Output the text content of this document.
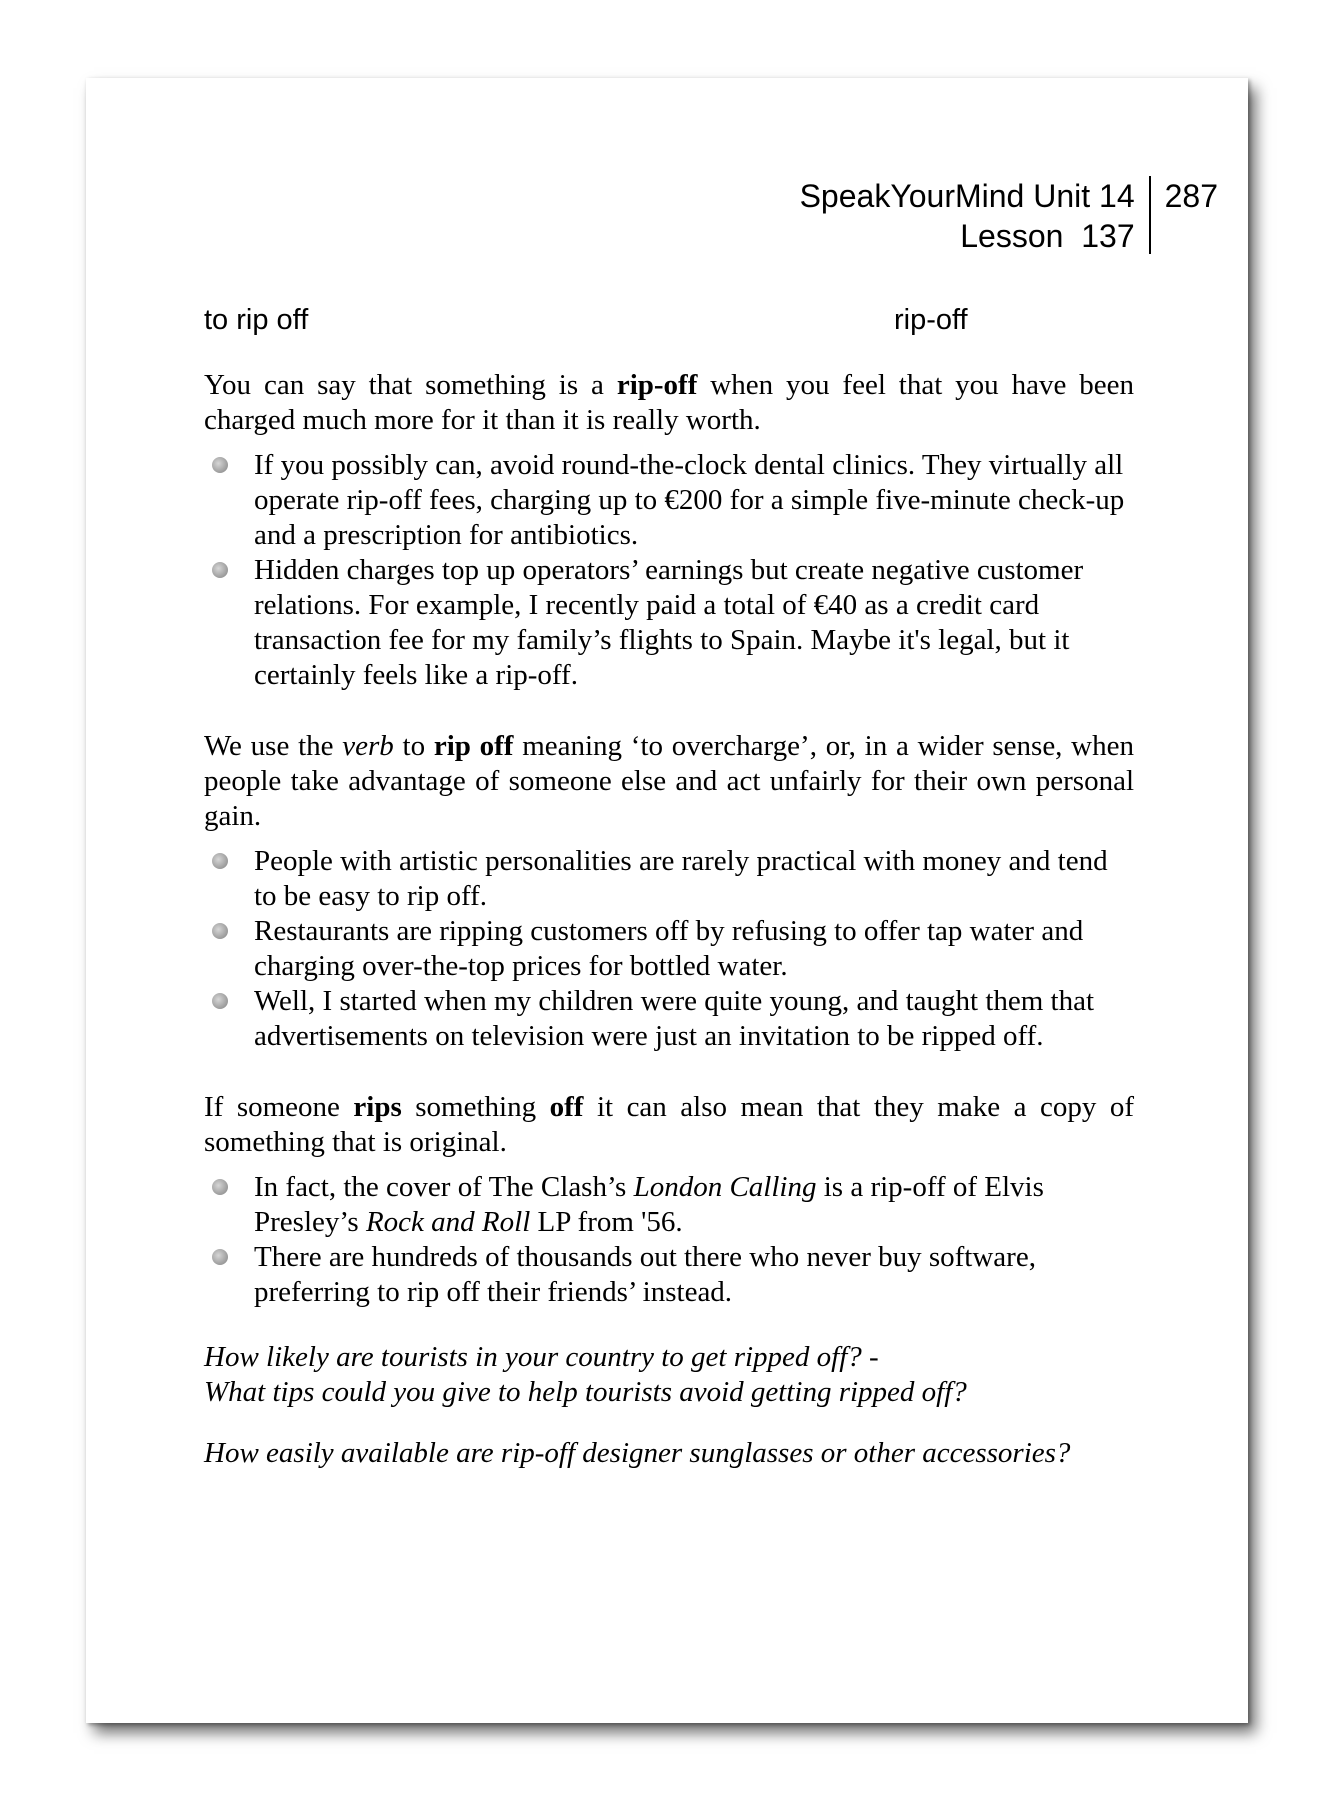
SpeakYourMind Unit 14
Lesson  137
287
to rip off	rip-off

You can say that something is a rip-off when you feel that you have been charged much more for it than it is really worth.

If you possibly can, avoid round-the-clock dental clinics. They virtually all operate rip-off fees, charging up to €200 for a simple five-minute check-up and a prescription for antibiotics.
Hidden charges top up operators’ earnings but create negative customer relations. For example, I recently paid a total of €40 as a credit card transaction fee for my family’s flights to Spain. Maybe it's legal, but it certainly feels like a rip-off.

We use the verb to rip off meaning ‘to overcharge’, or, in a wider sense, when people take advantage of someone else and act unfairly for their own personal gain.

People with artistic personalities are rarely practical with money and tend to be easy to rip off.
Restaurants are ripping customers off by refusing to offer tap water and charging over-the-top prices for bottled water.
Well, I started when my children were quite young, and taught them that advertisements on television were just an invitation to be ripped off.

If someone rips something off it can also mean that they make a copy of something that is original.

In fact, the cover of The Clash’s London Calling is a rip-off of Elvis Presley’s Rock and Roll LP from '56.
There are hundreds of thousands out there who never buy software, preferring to rip off their friends’ instead.

How likely are tourists in your country to get ripped off? -

What tips could you give to help tourists avoid getting ripped off?

How easily available are rip-off designer sunglasses or other accessories?
